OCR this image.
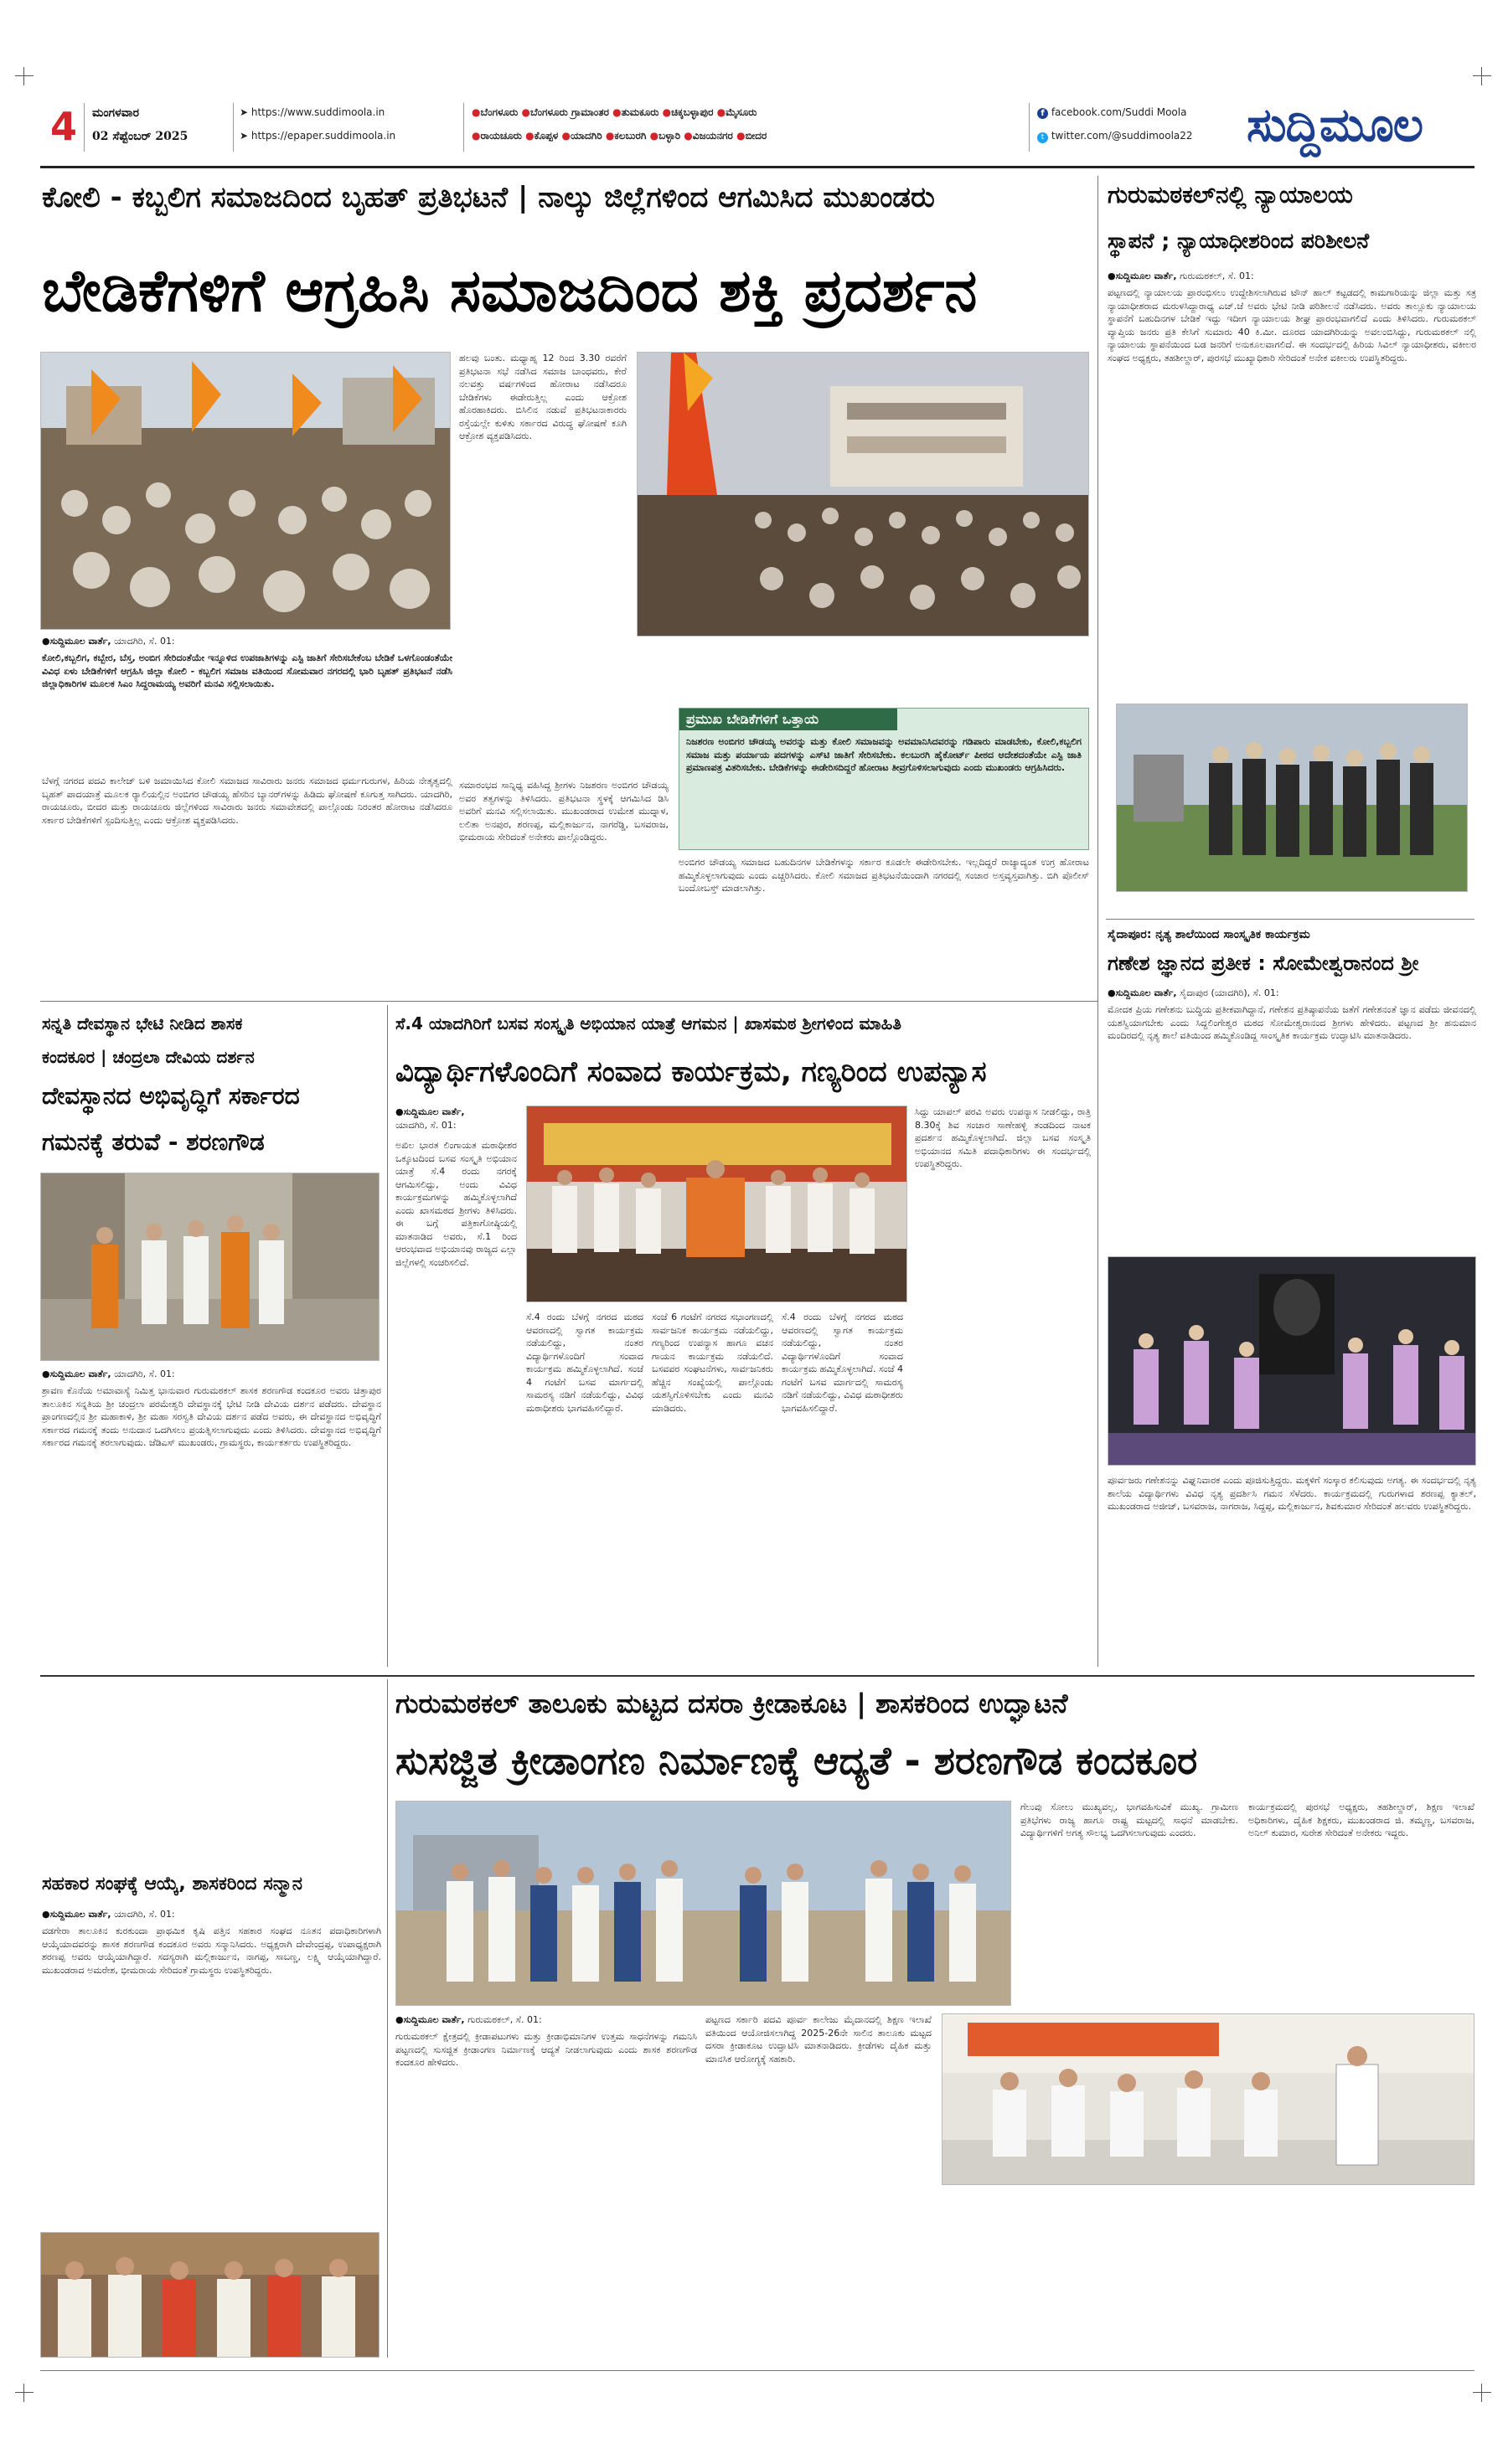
4 ಮಂಗಳವಾರ
02 ಸೆಪ್ಟೆಂಬರ್ 2025
➤ https://www.suddimoola.in
➤ https://epaper.suddimoola.in
●ಬೆಂಗಳೂರು ●ಬೆಂಗಳೂರು ಗ್ರಾಮಾಂತರ ●ತುಮಕೂರು ●ಚಿಕ್ಕಬಳ್ಳಾಪುರ ●ಮೈಸೂರು
●ರಾಯಚೂರು ●ಕೊಪ್ಪಳ ●ಯಾದಗಿರಿ ●ಕಲಬುರಗಿ ●ಬಳ್ಳಾರಿ ●ವಿಜಯನಗರ ●ಬೀದರ
f facebook.com/Suddi Moola
t twitter.com/@suddimoola22 ಸುದ್ದಿಮೂಲ
ಕೋಲಿ - ಕಬ್ಬಲಿಗ ಸಮಾಜದಿಂದ ಬೃಹತ್ ಪ್ರತಿಭಟನೆ | ನಾಲ್ಕು ಜಿಲ್ಲೆಗಳಿಂದ ಆಗಮಿಸಿದ ಮುಖಂಡರು
ಬೇಡಿಕೆಗಳಿಗೆ ಆಗ್ರಹಿಸಿ ಸಮಾಜದಿಂದ ಶಕ್ತಿ ಪ್ರದರ್ಶನ
●ಸುದ್ದಿಮೂಲ ವಾರ್ತೆ, ಯಾದಗಿರಿ, ಸೆ. 01:
ಕೋಲಿ,ಕಬ್ಬಲಿಗ, ಕಬ್ಬೇರ, ಬೆಸ್ತ, ಅಂಬಿಗ ಸೇರಿದಂತೆಯೇ ಇನ್ನೂಳಿದ ಉಪಜಾತಿಗಳನ್ನು ಎಸ್ಟಿ ಜಾತಿಗೆ ಸೇರಿಸಬೇಕೆಂಬ ಬೇಡಿಕೆ ಒಳಗೊಂಡಂತೆಯೇ ವಿವಿಧ ಏಳು ಬೇಡಿಕೆಗಳಿಗೆ ಆಗ್ರಹಿಸಿ ಜಿಲ್ಲಾ ಕೋಲಿ - ಕಬ್ಬಲಿಗ ಸಮಾಜ ವತಿಯಿಂದ ಸೋಮವಾರ ನಗರದಲ್ಲಿ ಭಾರಿ ಬೃಹತ್ ಪ್ರತಿಭಟನೆ ನಡೆಸಿ ಜಿಲ್ಲಾಧಿಕಾರಿಗಳ ಮೂಲಕ ಸಿಎಂ ಸಿದ್ದರಾಮಯ್ಯ ಅವರಿಗೆ ಮನವಿ ಸಲ್ಲಿಸಲಾಯಿತು.
ಬೆಳಗ್ಗೆ ನಗರದ ಪದವಿ ಕಾಲೇಜ್ ಬಳಿ ಜಮಾಯಿಸಿದ ಕೋಲಿ ಸಮಾಜದ ಸಾವಿರಾರು ಜನರು ಸಮಾಜದ ಧರ್ಮಗುರುಗಳ, ಹಿರಿಯ ನೇತೃತ್ವದಲ್ಲಿ ಬೃಹತ್ ಪಾದಯಾತ್ರೆ ಮೂಲಕ ರ‍್ಯಾಲಿಯಲ್ಲಿನ ಅಂಬಿಗರ ಚೌಡಯ್ಯ ಹೆಸರಿನ ಬ್ಯಾನರ್‌ಗಳನ್ನು ಹಿಡಿದು ಘೋಷಣೆ ಕೂಗುತ್ತ ಸಾಗಿದರು. ಯಾದಗಿರಿ, ರಾಯಚೂರು, ಬೀದರ ಮತ್ತು ರಾಯಚೂರು ಜಿಲ್ಲೆಗಳಿಂದ ಸಾವಿರಾರು ಜನರು ಸಮಾವೇಶದಲ್ಲಿ ಪಾಲ್ಗೊಂಡು ನಿರಂತರ ಹೋರಾಟ ನಡೆಸಿದರೂ ಸರ್ಕಾರ ಬೇಡಿಕೆಗಳಿಗೆ ಸ್ಪಂದಿಸುತ್ತಿಲ್ಲ ಎಂದು ಆಕ್ರೋಶ ವ್ಯಕ್ತಪಡಿಸಿದರು.
ಹಲವು ಬಂತು. ಮಧ್ಯಾಹ್ನ 12 ರಿಂದ 3.30 ರವರೆಗೆ ಪ್ರತಿಭಟನಾ ಸಭೆ ನಡೆಸಿದ ಸಮಾಜ ಬಾಂಧವರು, ಕೇರೆ ನಲವತ್ತು ವರ್ಷಗಳಿಂದ ಹೋರಾಟ ನಡೆಸಿದರೂ ಬೇಡಿಕೆಗಳು ಈಡೇರುತ್ತಿಲ್ಲ ಎಂದು ಆಕ್ರೋಶ ಹೊರಹಾಕಿದರು. ಬಿಸಿಲಿನ ನಡುವೆ ಪ್ರತಿಭಟನಾಕಾರರು ರಸ್ತೆಯಲ್ಲೇ ಕುಳಿತು ಸರ್ಕಾರದ ವಿರುದ್ಧ ಘೋಷಣೆ ಕೂಗಿ ಆಕ್ರೋಶ ವ್ಯಕ್ತಪಡಿಸಿದರು.
ಸಮಾರಂಭದ ಸಾನ್ನಿಧ್ಯ ವಹಿಸಿದ್ದ ಶ್ರೀಗಳು ನಿಜಶರಣ ಅಂಬಿಗರ ಚೌಡಯ್ಯ ಅವರ ತತ್ವಗಳನ್ನು ತಿಳಿಸಿದರು. ಪ್ರತಿಭಟನಾ ಸ್ಥಳಕ್ಕೆ ಆಗಮಿಸಿದ ಡಿಸಿ ಅವರಿಗೆ ಮನವಿ ಸಲ್ಲಿಸಲಾಯಿತು. ಮುಖಂಡರಾದ ಉಮೇಶ ಮುದ್ನಾಳ, ಲಲಿತಾ ಅನಪುರ, ಶರಣಪ್ಪ, ಮಲ್ಲಿಕಾರ್ಜುನ, ನಾಗರೆಡ್ಡಿ, ಬಸವರಾಜ, ಭೀಮರಾಯ ಸೇರಿದಂತೆ ಅನೇಕರು ಪಾಲ್ಗೊಂಡಿದ್ದರು.
ಪ್ರಮುಖ ಬೇಡಿಕೆಗಳಿಗೆ ಒತ್ತಾಯ
ನಿಜಶರಣ ಅಂಬಿಗರ ಚೌಡಯ್ಯ ಅವರನ್ನು ಮತ್ತು ಕೋಲಿ ಸಮಾಜವನ್ನು ಅವಮಾನಿಸಿದವರನ್ನು ಗಡಿಪಾರು ಮಾಡಬೇಕು, ಕೋಲಿ,ಕಬ್ಬಲಿಗ ಸಮಾಜ ಮತ್ತು ಪರ್ಯಾಯ ಪದಗಳನ್ನು ಎಸ್‌ಟಿ ಜಾತಿಗೆ ಸೇರಿಸಬೇಕು. ಕಲಬುರಗಿ ಹೈಕೋರ್ಟ್ ಪೀಠದ ಆದೇಶದಂತೆಯೇ ಎಸ್ಟಿ ಜಾತಿ ಪ್ರಮಾಣಪತ್ರ ವಿತರಿಸಬೇಕು. ಬೇಡಿಕೆಗಳನ್ನು ಈಡೇರಿಸದಿದ್ದರೆ ಹೋರಾಟ ತೀವ್ರಗೊಳಿಸಲಾಗುವುದು ಎಂದು ಮುಖಂಡರು ಆಗ್ರಹಿಸಿದರು.
ಅಂಬಿಗರ ಚೌಡಯ್ಯ ಸಮಾಜದ ಬಹುದಿನಗಳ ಬೇಡಿಕೆಗಳನ್ನು ಸರ್ಕಾರ ಕೂಡಲೇ ಈಡೇರಿಸಬೇಕು. ಇಲ್ಲದಿದ್ದರೆ ರಾಜ್ಯಾದ್ಯಂತ ಉಗ್ರ ಹೋರಾಟ ಹಮ್ಮಿಕೊಳ್ಳಲಾಗುವುದು ಎಂದು ಎಚ್ಚರಿಸಿದರು. ಕೋಲಿ ಸಮಾಜದ ಪ್ರತಿಭಟನೆಯಿಂದಾಗಿ ನಗರದಲ್ಲಿ ಸಂಚಾರ ಅಸ್ತವ್ಯಸ್ತವಾಗಿತ್ತು. ಬಿಗಿ ಪೊಲೀಸ್ ಬಂದೋಬಸ್ತ್ ಮಾಡಲಾಗಿತ್ತು.
ಗುರುಮಠಕಲ್‌ನಲ್ಲಿ ನ್ಯಾಯಾಲಯ
ಸ್ಥಾಪನೆ ; ನ್ಯಾಯಾಧೀಶರಿಂದ ಪರಿಶೀಲನೆ
●ಸುದ್ದಿಮೂಲ ವಾರ್ತೆ, ಗುರುಮಠಕಲ್, ಸೆ. 01:
ಪಟ್ಟಣದಲ್ಲಿ ನ್ಯಾಯಾಲಯ ಪ್ರಾರಂಭಿಸಲು ಉದ್ದೇಶಿಸಲಾಗಿರುವ ಟೌನ್ ಹಾಲ್ ಕಟ್ಟಡದಲ್ಲಿ ಕಾಮಗಾರಿಯನ್ನು ಜಿಲ್ಲಾ ಮತ್ತು ಸತ್ರ ನ್ಯಾಯಾಧೀಶರಾದ ಮರುಳಸಿದ್ದಾರಾಧ್ಯ ಎಚ್.ಜೆ ಅವರು ಭೇಟಿ ನೀಡಿ ಪರಿಶೀಲನೆ ನಡೆಸಿದರು. ಅವರು ತಾಲ್ಲೂಕು ನ್ಯಾಯಾಲಯ ಸ್ಥಾಪನೆಗೆ ಬಹುದಿನಗಳ ಬೇಡಿಕೆ ಇದ್ದು ಇದೀಗ ನ್ಯಾಯಾಲಯ ಶೀಘ್ರ ಪ್ರಾರಂಭವಾಗಲಿದೆ ಎಂದು ತಿಳಿಸಿದರು. ಗುರುಮಠಕಲ್ ವ್ಯಾಪ್ತಿಯ ಜನರು ಪ್ರತಿ ಕೇಸಿಗೆ ಸುಮಾರು 40 ಕಿ.ಮೀ. ದೂರದ ಯಾದಗಿರಿಯನ್ನು ಅವಲಂಬಿಸಿದ್ದು, ಗುರುಮಠಕಲ್ ನಲ್ಲಿ ನ್ಯಾಯಾಲಯ ಸ್ಥಾಪನೆಯಿಂದ ಬಡ ಜನರಿಗೆ ಅನುಕೂಲವಾಗಲಿದೆ. ಈ ಸಂದರ್ಭದಲ್ಲಿ ಹಿರಿಯ ಸಿವಿಲ್ ನ್ಯಾಯಾಧೀಶರು, ವಕೀಲರ ಸಂಘದ ಅಧ್ಯಕ್ಷರು, ತಹಶೀಲ್ದಾರ್, ಪುರಸಭೆ ಮುಖ್ಯಾಧಿಕಾರಿ ಸೇರಿದಂತೆ ಅನೇಕ ವಕೀಲರು ಉಪಸ್ಥಿತರಿದ್ದರು.
ಸೈದಾಪೂರ: ನೃತ್ಯ ಶಾಲೆಯಿಂದ ಸಾಂಸ್ಕೃತಿಕ ಕಾರ್ಯಕ್ರಮ
ಗಣೇಶ ಜ್ಞಾನದ ಪ್ರತೀಕ : ಸೋಮೇಶ್ವರಾನಂದ ಶ್ರೀ
●ಸುದ್ದಿಮೂಲ ವಾರ್ತೆ, ಸೈದಾಪುರ (ಯಾದಗಿರಿ), ಸೆ. 01:
ಮೋದಕ ಪ್ರಿಯ ಗಣೇಶನು ಬುದ್ಧಿಯ ಪ್ರತೀಕವಾಗಿದ್ದಾನೆ, ಗಣೇಶನ ಪ್ರತಿಷ್ಠಾಪನೆಯ ಜತೆಗೆ ಗಣೇಶನಂತೆ ಜ್ಞಾನ ಪಡೆದು ಜೀವನದಲ್ಲಿ ಯಶಸ್ವಿಯಾಗಬೇಕು ಎಂದು ಸಿದ್ದಲಿಂಗೇಶ್ವರ ಮಠದ ಸೋಮೇಶ್ವರಾನಂದ ಶ್ರೀಗಳು ಹೇಳಿದರು. ಪಟ್ಟಣದ ಶ್ರೀ ಹನುಮಾನ ಮಂದಿರದಲ್ಲಿ ನೃತ್ಯ ಶಾಲೆ ವತಿಯಿಂದ ಹಮ್ಮಿಕೊಂಡಿದ್ದ ಸಾಂಸ್ಕೃತಿಕ ಕಾರ್ಯಕ್ರಮ ಉದ್ಘಾಟಿಸಿ ಮಾತನಾಡಿದರು.
ಪೂರ್ವಜರು ಗಣೇಶನನ್ನು ವಿಘ್ನನಿವಾರಕ ಎಂದು ಪೂಜಿಸುತ್ತಿದ್ದರು. ಮಕ್ಕಳಿಗೆ ಸಂಸ್ಕಾರ ಕಲಿಸುವುದು ಅಗತ್ಯ. ಈ ಸಂದರ್ಭದಲ್ಲಿ ನೃತ್ಯ ಶಾಲೆಯ ವಿದ್ಯಾರ್ಥಿಗಳು ವಿವಿಧ ನೃತ್ಯ ಪ್ರದರ್ಶಿಸಿ ಗಮನ ಸೆಳೆದರು. ಕಾರ್ಯಕ್ರಮದಲ್ಲಿ ಗುರುಗಳಾದ ಶರಣಪ್ಪ ಕ್ಯಾತಲ್, ಮುಖಂಡರಾದ ಅಜೀಜ್, ಬಸವರಾಜ, ನಾಗರಾಜ, ಸಿದ್ದಪ್ಪ, ಮಲ್ಲಿಕಾರ್ಜುನ, ಶಿವಕುಮಾರ ಸೇರಿದಂತೆ ಹಲವರು ಉಪಸ್ಥಿತರಿದ್ದರು.
ಸನ್ನತಿ ದೇವಸ್ಥಾನ ಭೇಟಿ ನೀಡಿದ ಶಾಸಕ
ಕಂದಕೂರ | ಚಂದ್ರಲಾ ದೇವಿಯ ದರ್ಶನ
ದೇವಸ್ಥಾನದ ಅಭಿವೃದ್ಧಿಗೆ ಸರ್ಕಾರದ
ಗಮನಕ್ಕೆ ತರುವೆ - ಶರಣಗೌಡ
●ಸುದ್ದಿಮೂಲ ವಾರ್ತೆ, ಯಾದಗಿರಿ, ಸೆ. 01:
ಶ್ರಾವಣ ಕೊನೆಯ ಅಮಾವಾಸ್ಯೆ ನಿಮಿತ್ತ ಭಾನುವಾರ ಗುರುಮಠಕಲ್ ಶಾಸಕ ಶರಣಗೌಡ ಕಂದಕೂರ ಅವರು ಚಿತ್ತಾಪುರ ತಾಲೂಕಿನ ಸನ್ನತಿಯ ಶ್ರೀ ಚಂದ್ರಲಾ ಪರಮೇಶ್ವರಿ ದೇವಸ್ಥಾನಕ್ಕೆ ಭೇಟಿ ನೀಡಿ ದೇವಿಯ ದರ್ಶನ ಪಡೆದರು. ದೇವಸ್ಥಾನ ಪ್ರಾಂಗಣದಲ್ಲಿನ ಶ್ರೀ ಮಹಾಕಾಳಿ, ಶ್ರೀ ಮಹಾ ಸರಸ್ವತಿ ದೇವಿಯ ದರ್ಶನ ಪಡೆದ ಅವರು, ಈ ದೇವಸ್ಥಾನದ ಅಭಿವೃದ್ಧಿಗೆ ಸರ್ಕಾರದ ಗಮನಕ್ಕೆ ತಂದು ಅನುದಾನ ಒದಗಿಸಲು ಪ್ರಯತ್ನಿಸಲಾಗುವುದು ಎಂದು ತಿಳಿಸಿದರು. ದೇವಸ್ಥಾನದ ಅಭಿವೃದ್ಧಿಗೆ ಸರ್ಕಾರದ ಗಮನಕ್ಕೆ ತರಲಾಗುವುದು. ಜೆಡಿಎಸ್ ಮುಖಂಡರು, ಗ್ರಾಮಸ್ಥರು, ಕಾರ್ಯಕರ್ತರು ಉಪಸ್ಥಿತರಿದ್ದರು.
ಸೆ.4 ಯಾದಗಿರಿಗೆ ಬಸವ ಸಂಸ್ಕೃತಿ ಅಭಿಯಾನ ಯಾತ್ರೆ ಆಗಮನ | ಖಾಸಮಠ ಶ್ರೀಗಳಿಂದ ಮಾಹಿತಿ
ವಿದ್ಯಾರ್ಥಿಗಳೊಂದಿಗೆ ಸಂವಾದ ಕಾರ್ಯಕ್ರಮ, ಗಣ್ಯರಿಂದ ಉಪನ್ಯಾಸ
●ಸುದ್ದಿಮೂಲ ವಾರ್ತೆ,
ಯಾದಗಿರಿ, ಸೆ. 01:
ಅಖಿಲ ಭಾರತ ಲಿಂಗಾಯತ ಮಠಾಧೀಶರ ಒಕ್ಕೂಟದಿಂದ ಬಸವ ಸಂಸ್ಕೃತಿ ಅಭಿಯಾನ ಯಾತ್ರೆ ಸೆ.4 ರಂದು ನಗರಕ್ಕೆ ಆಗಮಿಸಲಿದ್ದು, ಅಂದು ವಿವಿಧ ಕಾರ್ಯಕ್ರಮಗಳನ್ನು ಹಮ್ಮಿಕೊಳ್ಳಲಾಗಿದೆ ಎಂದು ಖಾಸಮಠದ ಶ್ರೀಗಳು ತಿಳಿಸಿದರು. ಈ ಬಗ್ಗೆ ಪತ್ರಿಕಾಗೋಷ್ಠಿಯಲ್ಲಿ ಮಾತನಾಡಿದ ಅವರು, ಸೆ.1 ರಿಂದ ಆರಂಭವಾದ ಅಭಿಯಾನವು ರಾಜ್ಯದ ಎಲ್ಲಾ ಜಿಲ್ಲೆಗಳಲ್ಲಿ ಸಂಚರಿಸಲಿದೆ.
ಸೆ.4 ರಂದು ಬೆಳಗ್ಗೆ ನಗರದ ಮಠದ ಆವರಣದಲ್ಲಿ ಸ್ವಾಗತ ಕಾರ್ಯಕ್ರಮ ನಡೆಯಲಿದ್ದು, ನಂತರ ವಿದ್ಯಾರ್ಥಿಗಳೊಂದಿಗೆ ಸಂವಾದ ಕಾರ್ಯಕ್ರಮ ಹಮ್ಮಿಕೊಳ್ಳಲಾಗಿದೆ. ಸಂಜೆ 4 ಗಂಟೆಗೆ ಬಸವ ಮಾರ್ಗದಲ್ಲಿ ಸಾಮರಸ್ಯ ನಡಿಗೆ ನಡೆಯಲಿದ್ದು, ವಿವಿಧ ಮಠಾಧೀಶರು ಭಾಗವಹಿಸಲಿದ್ದಾರೆ.
ಸಂಜೆ 6 ಗಂಟೆಗೆ ನಗರದ ಸಭಾಂಗಣದಲ್ಲಿ ಸಾರ್ವಜನಿಕ ಕಾರ್ಯಕ್ರಮ ನಡೆಯಲಿದ್ದು, ಗಣ್ಯರಿಂದ ಉಪನ್ಯಾಸ ಹಾಗೂ ವಚನ ಗಾಯನ ಕಾರ್ಯಕ್ರಮ ನಡೆಯಲಿದೆ. ಬಸವಪರ ಸಂಘಟನೆಗಳು, ಸಾರ್ವಜನಿಕರು ಹೆಚ್ಚಿನ ಸಂಖ್ಯೆಯಲ್ಲಿ ಪಾಲ್ಗೊಂಡು ಯಶಸ್ವಿಗೊಳಿಸಬೇಕು ಎಂದು ಮನವಿ ಮಾಡಿದರು.
ಸೆ.4 ರಂದು ಬೆಳಗ್ಗೆ ನಗರದ ಮಠದ ಆವರಣದಲ್ಲಿ ಸ್ವಾಗತ ಕಾರ್ಯಕ್ರಮ ನಡೆಯಲಿದ್ದು, ನಂತರ ವಿದ್ಯಾರ್ಥಿಗಳೊಂದಿಗೆ ಸಂವಾದ ಕಾರ್ಯಕ್ರಮ ಹಮ್ಮಿಕೊಳ್ಳಲಾಗಿದೆ. ಸಂಜೆ 4 ಗಂಟೆಗೆ ಬಸವ ಮಾರ್ಗದಲ್ಲಿ ಸಾಮರಸ್ಯ ನಡಿಗೆ ನಡೆಯಲಿದ್ದು, ವಿವಿಧ ಮಠಾಧೀಶರು ಭಾಗವಹಿಸಲಿದ್ದಾರೆ.
ಸಿದ್ದು ಯಾಪಲ್ ಪರವಿ ಅವರು ಉಪನ್ಯಾಸ ನೀಡಲಿದ್ದು, ರಾತ್ರಿ 8.30ಕ್ಕೆ ಶಿವ ಸಂಚಾರ ಸಾಣೇಹಳ್ಳಿ ತಂಡದಿಂದ ನಾಟಕ ಪ್ರದರ್ಶನ ಹಮ್ಮಿಕೊಳ್ಳಲಾಗಿದೆ. ಜಿಲ್ಲಾ ಬಸವ ಸಂಸ್ಕೃತಿ ಅಭಿಯಾನದ ಸಮಿತಿ ಪದಾಧಿಕಾರಿಗಳು ಈ ಸಂದರ್ಭದಲ್ಲಿ ಉಪಸ್ಥಿತರಿದ್ದರು.
ಗುರುಮಠಕಲ್ ತಾಲೂಕು ಮಟ್ಟದ ದಸರಾ ಕ್ರೀಡಾಕೂಟ | ಶಾಸಕರಿಂದ ಉದ್ಘಾಟನೆ
ಸುಸಜ್ಜಿತ ಕ್ರೀಡಾಂಗಣ ನಿರ್ಮಾಣಕ್ಕೆ ಆದ್ಯತೆ - ಶರಣಗೌಡ ಕಂದಕೂರ
ಗೆಲುವು ಸೋಲು ಮುಖ್ಯವಲ್ಲ, ಭಾಗವಹಿಸುವಿಕೆ ಮುಖ್ಯ. ಗ್ರಾಮೀಣ ಪ್ರತಿಭೆಗಳು ರಾಜ್ಯ ಹಾಗೂ ರಾಷ್ಟ್ರ ಮಟ್ಟದಲ್ಲಿ ಸಾಧನೆ ಮಾಡಬೇಕು. ವಿದ್ಯಾರ್ಥಿಗಳಿಗೆ ಅಗತ್ಯ ಸೌಲಭ್ಯ ಒದಗಿಸಲಾಗುವುದು ಎಂದರು.
ಕಾರ್ಯಕ್ರಮದಲ್ಲಿ ಪುರಸಭೆ ಅಧ್ಯಕ್ಷರು, ತಹಶೀಲ್ದಾರ್, ಶಿಕ್ಷಣ ಇಲಾಖೆ ಅಧಿಕಾರಿಗಳು, ದೈಹಿಕ ಶಿಕ್ಷಕರು, ಮುಖಂಡರಾದ ಜಿ. ತಮ್ಮಣ್ಣ, ಬಸವರಾಜ, ಅನಿಲ್ ಕುಮಾರ, ಸುರೇಶ ಸೇರಿದಂತೆ ಅನೇಕರು ಇದ್ದರು.
●ಸುದ್ದಿಮೂಲ ವಾರ್ತೆ, ಗುರುಮಠಕಲ್, ಸೆ. 01:
ಗುರುಮಠಕಲ್ ಕ್ಷೇತ್ರದಲ್ಲಿ ಕ್ರೀಡಾಪಟುಗಳು ಮತ್ತು ಕ್ರೀಡಾಭಿಮಾನಿಗಳ ಉತ್ತಮ ಸಾಧನೆಗಳನ್ನು ಗಮನಿಸಿ ಪಟ್ಟಣದಲ್ಲಿ ಸುಸಜ್ಜಿತ ಕ್ರೀಡಾಂಗಣ ನಿರ್ಮಾಣಕ್ಕೆ ಆದ್ಯತೆ ನೀಡಲಾಗುವುದು ಎಂದು ಶಾಸಕ ಶರಣಗೌಡ ಕಂದಕೂರ ಹೇಳಿದರು.
ಪಟ್ಟಣದ ಸರ್ಕಾರಿ ಪದವಿ ಪೂರ್ವ ಕಾಲೇಜು ಮೈದಾನದಲ್ಲಿ ಶಿಕ್ಷಣ ಇಲಾಖೆ ವತಿಯಿಂದ ಆಯೋಜಿಸಲಾಗಿದ್ದ 2025-26ನೇ ಸಾಲಿನ ತಾಲೂಕು ಮಟ್ಟದ ದಸರಾ ಕ್ರೀಡಾಕೂಟ ಉದ್ಘಾಟಿಸಿ ಮಾತನಾಡಿದರು. ಕ್ರೀಡೆಗಳು ದೈಹಿಕ ಮತ್ತು ಮಾನಸಿಕ ಆರೋಗ್ಯಕ್ಕೆ ಸಹಕಾರಿ.
ಸಹಕಾರ ಸಂಘಕ್ಕೆ ಆಯ್ಕೆ, ಶಾಸಕರಿಂದ ಸನ್ಮಾನ
●ಸುದ್ದಿಮೂಲ ವಾರ್ತೆ, ಯಾದಗಿರಿ, ಸೆ. 01:
ವಡಗೇರಾ ತಾಲೂಕಿನ ಕುರಕುಂದಾ ಪ್ರಾಥಮಿಕ ಕೃಷಿ ಪತ್ತಿನ ಸಹಕಾರ ಸಂಘದ ನೂತನ ಪದಾಧಿಕಾರಿಗಳಾಗಿ ಆಯ್ಕೆಯಾದವರನ್ನು ಶಾಸಕ ಶರಣಗೌಡ ಕಂದಕೂರ ಅವರು ಸನ್ಮಾನಿಸಿದರು. ಅಧ್ಯಕ್ಷರಾಗಿ ದೇವೇಂದ್ರಪ್ಪ, ಉಪಾಧ್ಯಕ್ಷರಾಗಿ ಶರಣಪ್ಪ ಅವರು ಆಯ್ಕೆಯಾಗಿದ್ದಾರೆ. ಸದಸ್ಯರಾಗಿ ಮಲ್ಲಿಕಾರ್ಜುನ, ನಾಗಪ್ಪ, ಸಾಬಣ್ಣ, ಲಕ್ಷ್ಮಿ ಆಯ್ಕೆಯಾಗಿದ್ದಾರೆ. ಮುಖಂಡರಾದ ಅಮರೇಶ, ಭೀಮರಾಯ ಸೇರಿದಂತೆ ಗ್ರಾಮಸ್ಥರು ಉಪಸ್ಥಿತರಿದ್ದರು.
